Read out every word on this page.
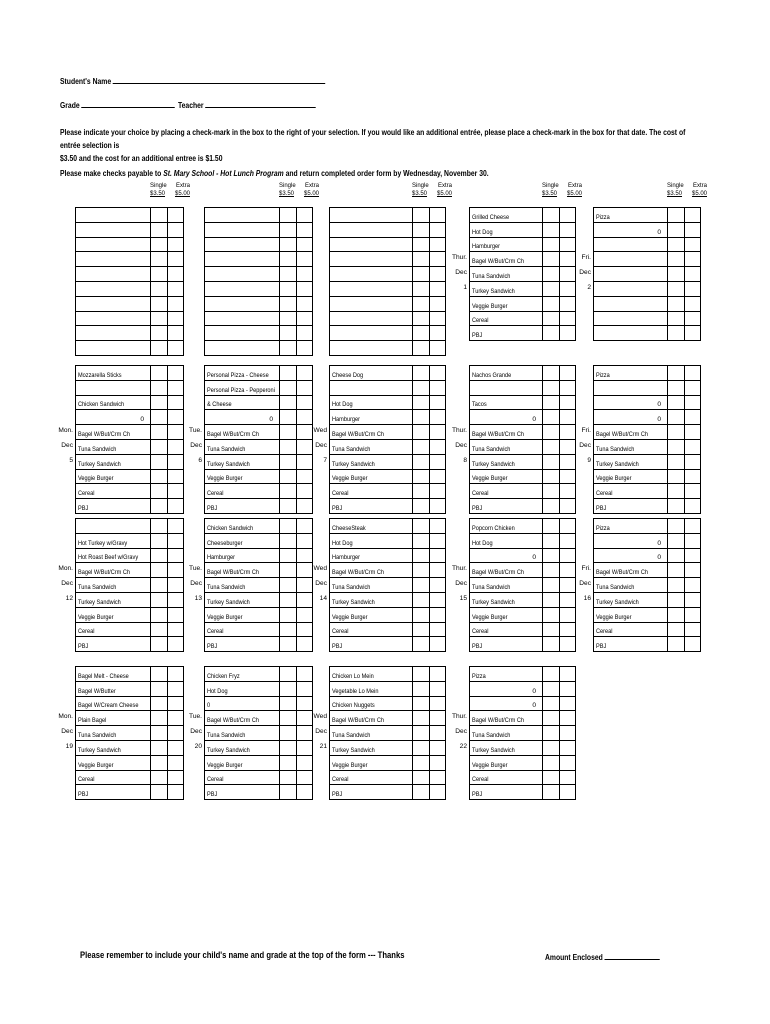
Student's Name
Grade	Teacher
Please indicate your choice by placing a check-mark in the box to the right of your selection. If you would like an additional entrée, please place a check-mark in the box for that date. The cost of entrée selection is
$3.50 and the cost for an additional entree is $1.50
Please make checks payable to St. Mary School - Hot Lunch Program and return completed order form by Wednesday, November 30.
Single Extra
$3.50 $5.00
Single Extra
$3.50 $5.00
Single Extra
$3.50 $5.00
Single Extra
$3.50 $5.00
Single Extra
$3.50 $5.00
Grilled Cheese
Hot Dog
Hamburger
Bagel W/But/Crm Ch
Tuna Sandwich
Turkey Sandwich
Veggie Burger
Cereal
PBJ
Thur.
Dec
1
Pizza
0
Fri.
Dec
2
Mozzarella Sticks
Chicken Sandwich
0
Bagel W/But/Crm Ch
Tuna Sandwich
Turkey Sandwich
Veggie Burger
Cereal
PBJ
Mon.
Dec
5
Personal Pizza - Cheese
Personal Pizza - Pepperoni
& Cheese
0
Bagel W/But/Crm Ch
Tuna Sandwich
Turkey Sandwich
Veggie Burger
Cereal
PBJ
Tue.
Dec
6
Cheese Dog
Hot Dog
Hamburger
Bagel W/But/Crm Ch
Tuna Sandwich
Turkey Sandwich
Veggie Burger
Cereal
PBJ
Wed
Dec
7
Nachos Grande
Tacos
0
Bagel W/But/Crm Ch
Tuna Sandwich
Turkey Sandwich
Veggie Burger
Cereal
PBJ
Thur.
Dec
8
Pizza
0
0
Bagel W/But/Crm Ch
Tuna Sandwich
Turkey Sandwich
Veggie Burger
Cereal
PBJ
Fri.
Dec
9
Hot Turkey w/Gravy
Hot Roast Beef w/Gravy
Bagel W/But/Crm Ch
Tuna Sandwich
Turkey Sandwich
Veggie Burger
Cereal
PBJ
Mon.
Dec
12
Chicken Sandwich
Cheeseburger
Hamburger
Bagel W/But/Crm Ch
Tuna Sandwich
Turkey Sandwich
Veggie Burger
Cereal
PBJ
Tue.
Dec
13
CheeseSteak
Hot Dog
Hamburger
Bagel W/But/Crm Ch
Tuna Sandwich
Turkey Sandwich
Veggie Burger
Cereal
PBJ
Wed
Dec
14
Popcorn Chicken
Hot Dog
0
Bagel W/But/Crm Ch
Tuna Sandwich
Turkey Sandwich
Veggie Burger
Cereal
PBJ
Thur.
Dec
15
Pizza
0
0
Bagel W/But/Crm Ch
Tuna Sandwich
Turkey Sandwich
Veggie Burger
Cereal
PBJ
Fri.
Dec
16
Bagel Melt - Cheese
Bagel W/Butter
Bagel W/Cream Cheese
Plain Bagel
Tuna Sandwich
Turkey Sandwich
Veggie Burger
Cereal
PBJ
Mon.
Dec
19
Chicken Fryz
Hot Dog
0
Bagel W/But/Crm Ch
Tuna Sandwich
Turkey Sandwich
Veggie Burger
Cereal
PBJ
Tue.
Dec
20
Chicken Lo Mein
Vegetable Lo Mein
Chicken Nuggets
Bagel W/But/Crm Ch
Tuna Sandwich
Turkey Sandwich
Veggie Burger
Cereal
PBJ
Wed
Dec
21
Pizza
0
0
Bagel W/But/Crm Ch
Tuna Sandwich
Turkey Sandwich
Veggie Burger
Cereal
PBJ
Thur.
Dec
22
Please remember to include your child's name and grade at the top of the form --- Thanks	Amount Enclosed
